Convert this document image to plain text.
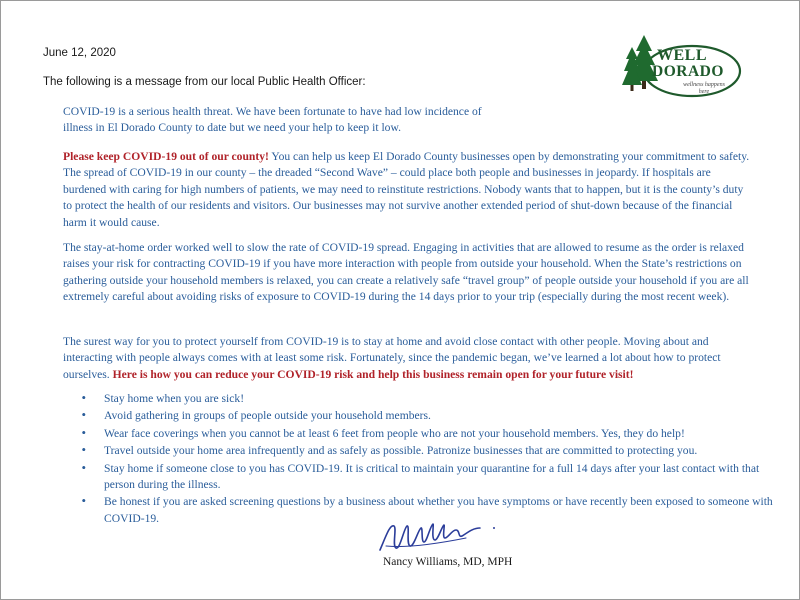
June 12, 2020
The following is a message from our local Public Health Officer:
WELL
DORADO
wellness happens here
COVID-19 is a serious health threat. We have been fortunate to have had low incidence of illness in El Dorado County to date but we need your help to keep it low.
Please keep COVID-19 out of our county! You can help us keep El Dorado County businesses open by demonstrating your commitment to safety. The spread of COVID-19 in our county – the dreaded “Second Wave” – could place both people and businesses in jeopardy. If hospitals are burdened with caring for high numbers of patients, we may need to reinstitute restrictions. Nobody wants that to happen, but it is the county’s duty to protect the health of our residents and visitors. Our businesses may not survive another extended period of shut-down because of the financial harm it would cause.
The stay-at-home order worked well to slow the rate of COVID-19 spread. Engaging in activities that are allowed to resume as the order is relaxed raises your risk for contracting COVID-19 if you have more interaction with people from outside your household. When the State’s restrictions on gathering outside your household members is relaxed, you can create a relatively safe “travel group” of people outside your household if you are all extremely careful about avoiding risks of exposure to COVID-19 during the 14 days prior to your trip (especially during the most recent week).
The surest way for you to protect yourself from COVID-19 is to stay at home and avoid close contact with other people. Moving about and interacting with people always comes with at least some risk. Fortunately, since the pandemic began, we’ve learned a lot about how to protect ourselves. Here is how you can reduce your COVID-19 risk and help this business remain open for your future visit!
• Stay home when you are sick!
• Avoid gathering in groups of people outside your household members.
• Wear face coverings when you cannot be at least 6 feet from people who are not your household members. Yes, they do help!
• Travel outside your home area infrequently and as safely as possible. Patronize businesses that are committed to protecting you.
• Stay home if someone close to you has COVID-19. It is critical to maintain your quarantine for a full 14 days after your last contact with that person during the illness.
• Be honest if you are asked screening questions by a business about whether you have symptoms or have recently been exposed to someone with COVID-19.
Nancy Williams, MD, MPH
